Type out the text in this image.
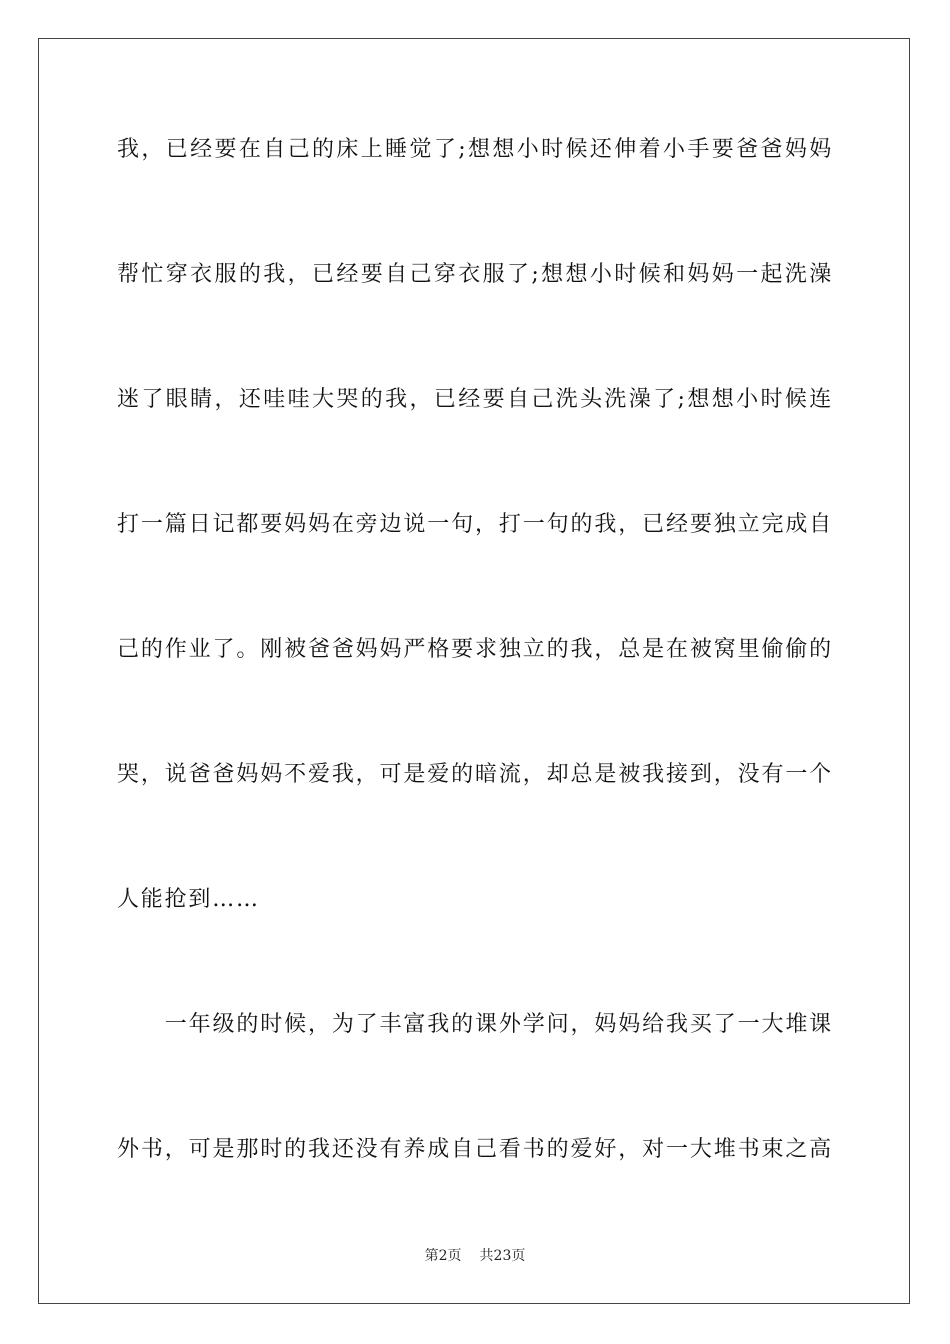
我，已经要在自己的床上睡觉了;想想小时候还伸着小手要爸爸妈妈
帮忙穿衣服的我，已经要自己穿衣服了;想想小时候和妈妈一起洗澡
迷了眼睛，还哇哇大哭的我，已经要自己洗头洗澡了;想想小时候连
打一篇日记都要妈妈在旁边说一句，打一句的我，已经要独立完成自
己的作业了。刚被爸爸妈妈严格要求独立的我，总是在被窝里偷偷的
哭，说爸爸妈妈不爱我，可是爱的暗流，却总是被我接到，没有一个
人能抢到……
　　一年级的时候，为了丰富我的课外学问，妈妈给我买了一大堆课
外书，可是那时的我还没有养成自己看书的爱好，对一大堆书束之高
第2页 共23页
